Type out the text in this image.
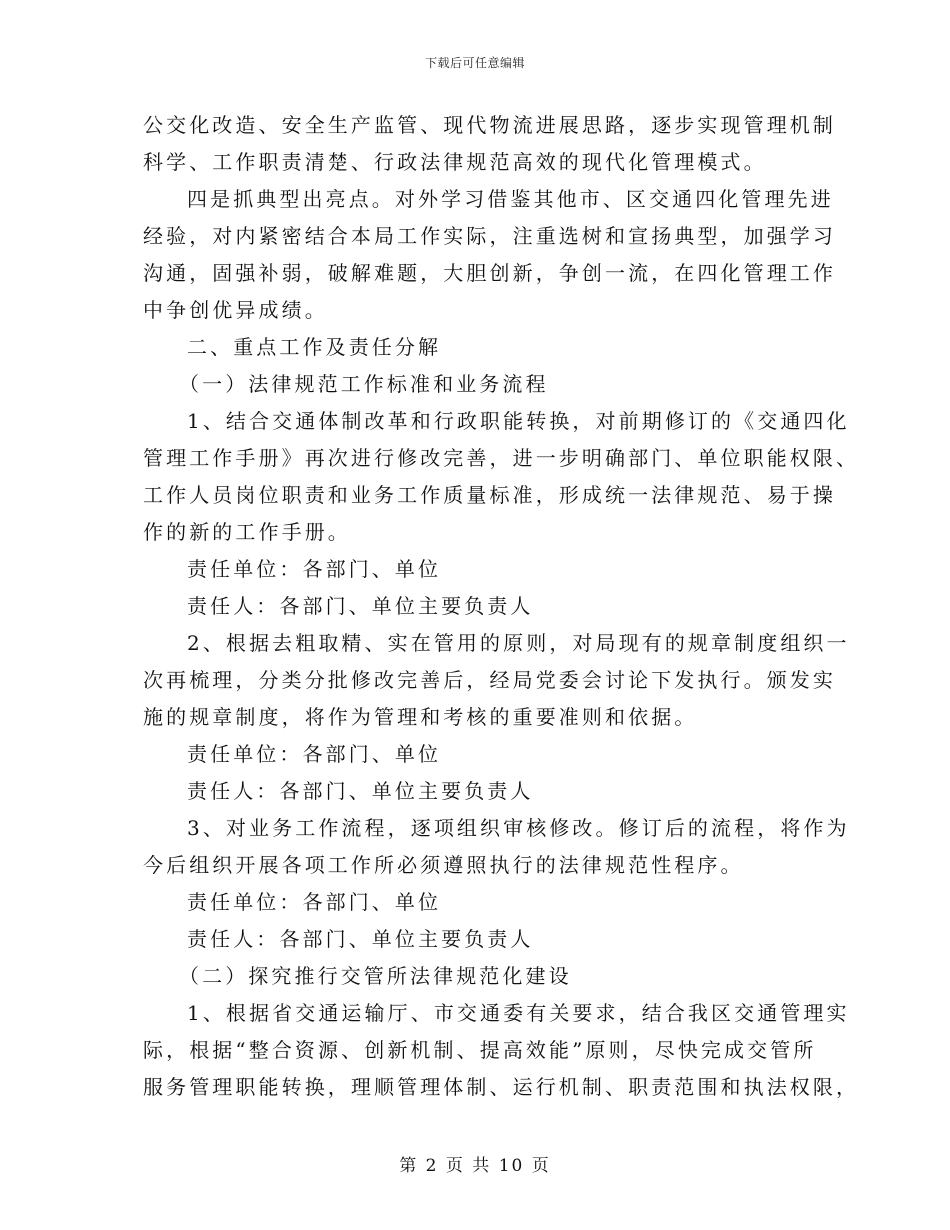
下载后可任意编辑
公交化改造、安全生产监管、现代物流进展思路，逐步实现管理机制
科学、工作职责清楚、行政法律规范高效的现代化管理模式。
四是抓典型出亮点。对外学习借鉴其他市、区交通四化管理先进
经验，对内紧密结合本局工作实际，注重选树和宣扬典型，加强学习
沟通，固强补弱，破解难题，大胆创新，争创一流，在四化管理工作
中争创优异成绩。
二、重点工作及责任分解
（一）法律规范工作标准和业务流程
1、结合交通体制改革和行政职能转换，对前期修订的《交通四化
管理工作手册》再次进行修改完善，进一步明确部门、单位职能权限、
工作人员岗位职责和业务工作质量标准，形成统一法律规范、易于操
作的新的工作手册。
责任单位：各部门、单位
责任人：各部门、单位主要负责人
2、根据去粗取精、实在管用的原则，对局现有的规章制度组织一
次再梳理，分类分批修改完善后，经局党委会讨论下发执行。颁发实
施的规章制度，将作为管理和考核的重要准则和依据。
责任单位：各部门、单位
责任人：各部门、单位主要负责人
3、对业务工作流程，逐项组织审核修改。修订后的流程，将作为
今后组织开展各项工作所必须遵照执行的法律规范性程序。
责任单位：各部门、单位
责任人：各部门、单位主要负责人
（二）探究推行交管所法律规范化建设
1、根据省交通运输厅、市交通委有关要求，结合我区交通管理实
际，根据“整合资源、创新机制、提高效能”原则，尽快完成交管所
服务管理职能转换，理顺管理体制、运行机制、职责范围和执法权限，
第 2 页 共 10 页
